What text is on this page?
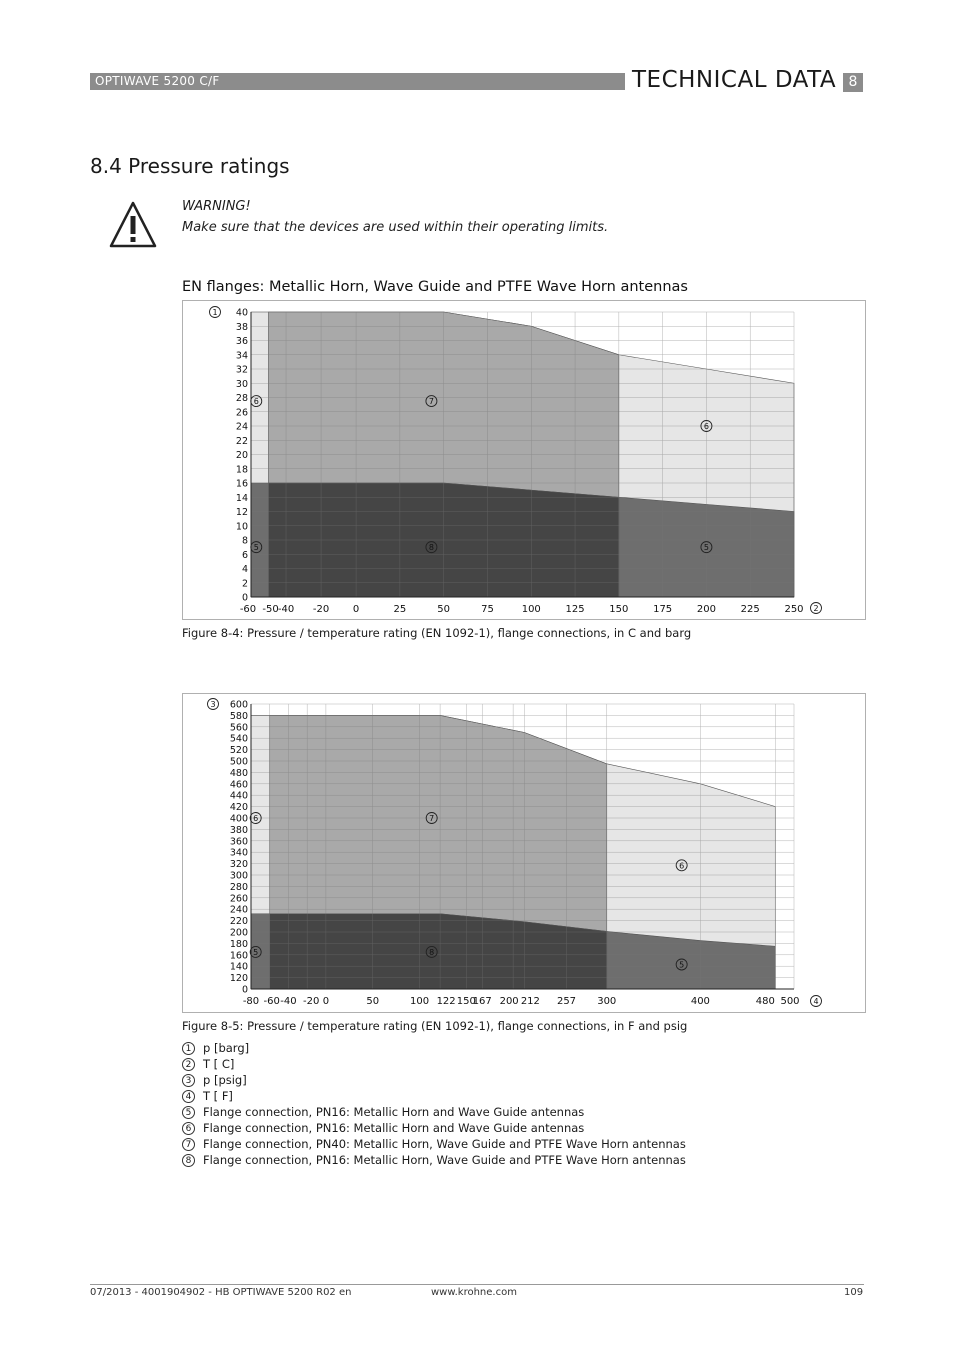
OPTIWAVE 5200 C/F	TECHNICAL DATA 8
8.4 Pressure ratings
WARNING!
Make sure that the devices are used within their operating limits.
EN flanges: Metallic Horn, Wave Guide and PTFE Wave Horn antennas
0
2
4
6
8
10
12
14
16
18
20
22
24
26
28
30
32
34
36
38
40
-60 -50 -40 -20 0	25	50	75	100 125 150 175 200 225 250
1
2
6	7
6
5	8	5
Figure 8-4: Pressure / temperature rating (EN 1092-1), flange connections, in C and barg
0
120
140
160
180
200
220
240
260
280
300
320
340
360
380
400
420
440
460
480
500
520
540
560
580
600
-80 -60 -40 -20 0	50	100 122 150
167 200 212 257 300	400	480 500
3
4
6	7
6
5	8
5
Figure 8-5: Pressure / temperature rating (EN 1092-1), flange connections, in F and psig
1	p [barg]
2	T [ C]
3	p [psig]
4	T [ F]
5	Flange connection, PN16: Metallic Horn and Wave Guide antennas
6	Flange connection, PN16: Metallic Horn and Wave Guide antennas
7	Flange connection, PN40: Metallic Horn, Wave Guide and PTFE Wave Horn antennas
8	Flange connection, PN16: Metallic Horn, Wave Guide and PTFE Wave Horn antennas
07/2013 - 4001904902 - HB OPTIWAVE 5200 R02 en	www.krohne.com	109
